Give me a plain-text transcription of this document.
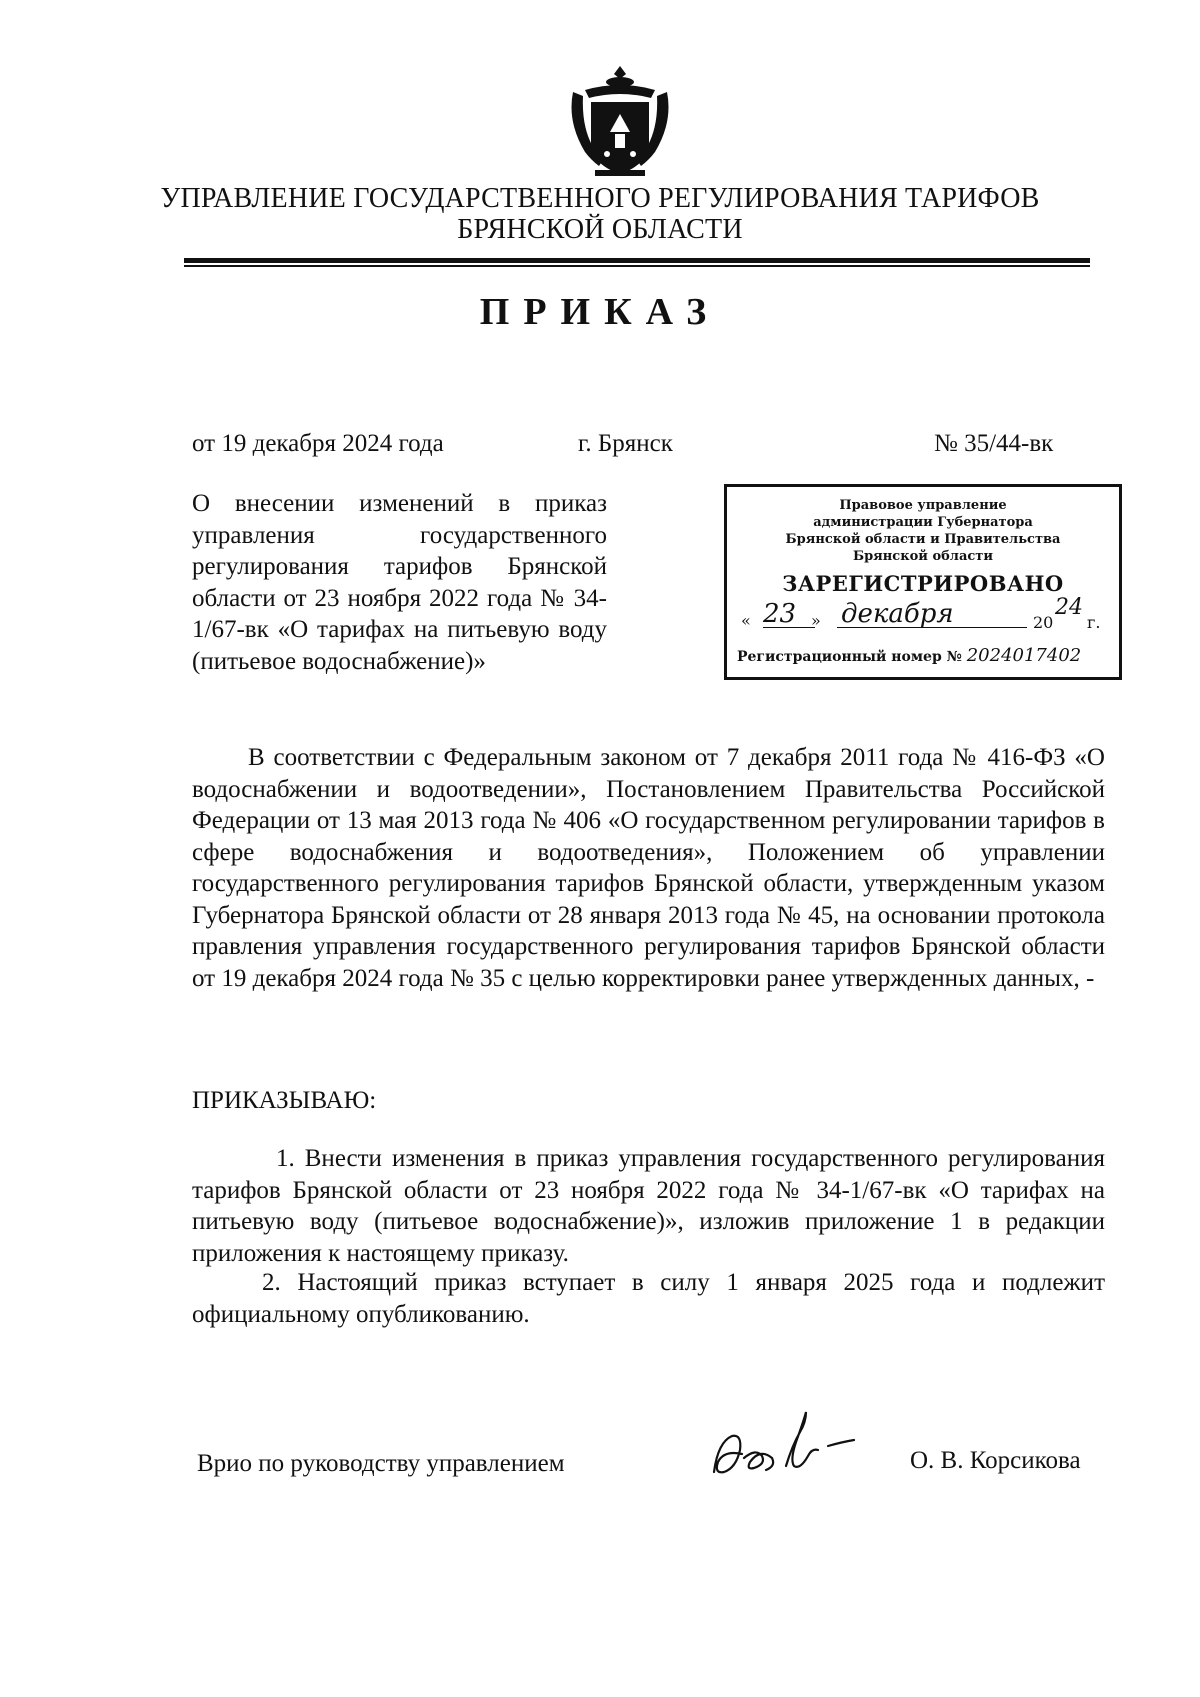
УПРАВЛЕНИЕ ГОСУДАРСТВЕННОГО РЕГУЛИРОВАНИЯ ТАРИФОВ
БРЯНСКОЙ ОБЛАСТИ
ПРИКАЗ
от 19 декабря 2024 года	г. Брянск	№ 35/44-вк
О внесении изменений в приказ управления государственного регулирования тарифов Брянской области от 23 ноября 2022 года № 34-1/67-вк «О тарифах на питьевую воду (питьевое водоснабжение)»
Правовое управление
администрации Губернатора
Брянской области и Правительства
Брянской области
ЗАРЕГИСТРИРОВАНО
« 23 » декабря	20
24
г.
Регистрационный номер № 2024017402
В соответствии с Федеральным законом от 7 декабря 2011 года № 416-ФЗ «О водоснабжении и водоотведении», Постановлением Правительства Российской Федерации от 13 мая 2013 года № 406 «О государственном регулировании тарифов в сфере водоснабжения и водоотведения», Положением об управлении государственного регулирования тарифов Брянской области, утвержденным указом Губернатора Брянской области от 28 января 2013 года № 45, на основании протокола правления управления государственного регулирования тарифов Брянской области от 19 декабря 2024 года № 35 с целью корректировки ранее утвержденных данных, -
ПРИКАЗЫВАЮ:
1. Внести изменения в приказ управления государственного регулирования тарифов Брянской области от 23 ноября 2022 года № 34-1/67-вк «О тарифах на питьевую воду (питьевое водоснабжение)», изложив приложение 1 в редакции приложения к настоящему приказу.
2. Настоящий приказ вступает в силу 1 января 2025 года и подлежит официальному опубликованию.
Врио по руководству управлением	О. В. Корсикова
